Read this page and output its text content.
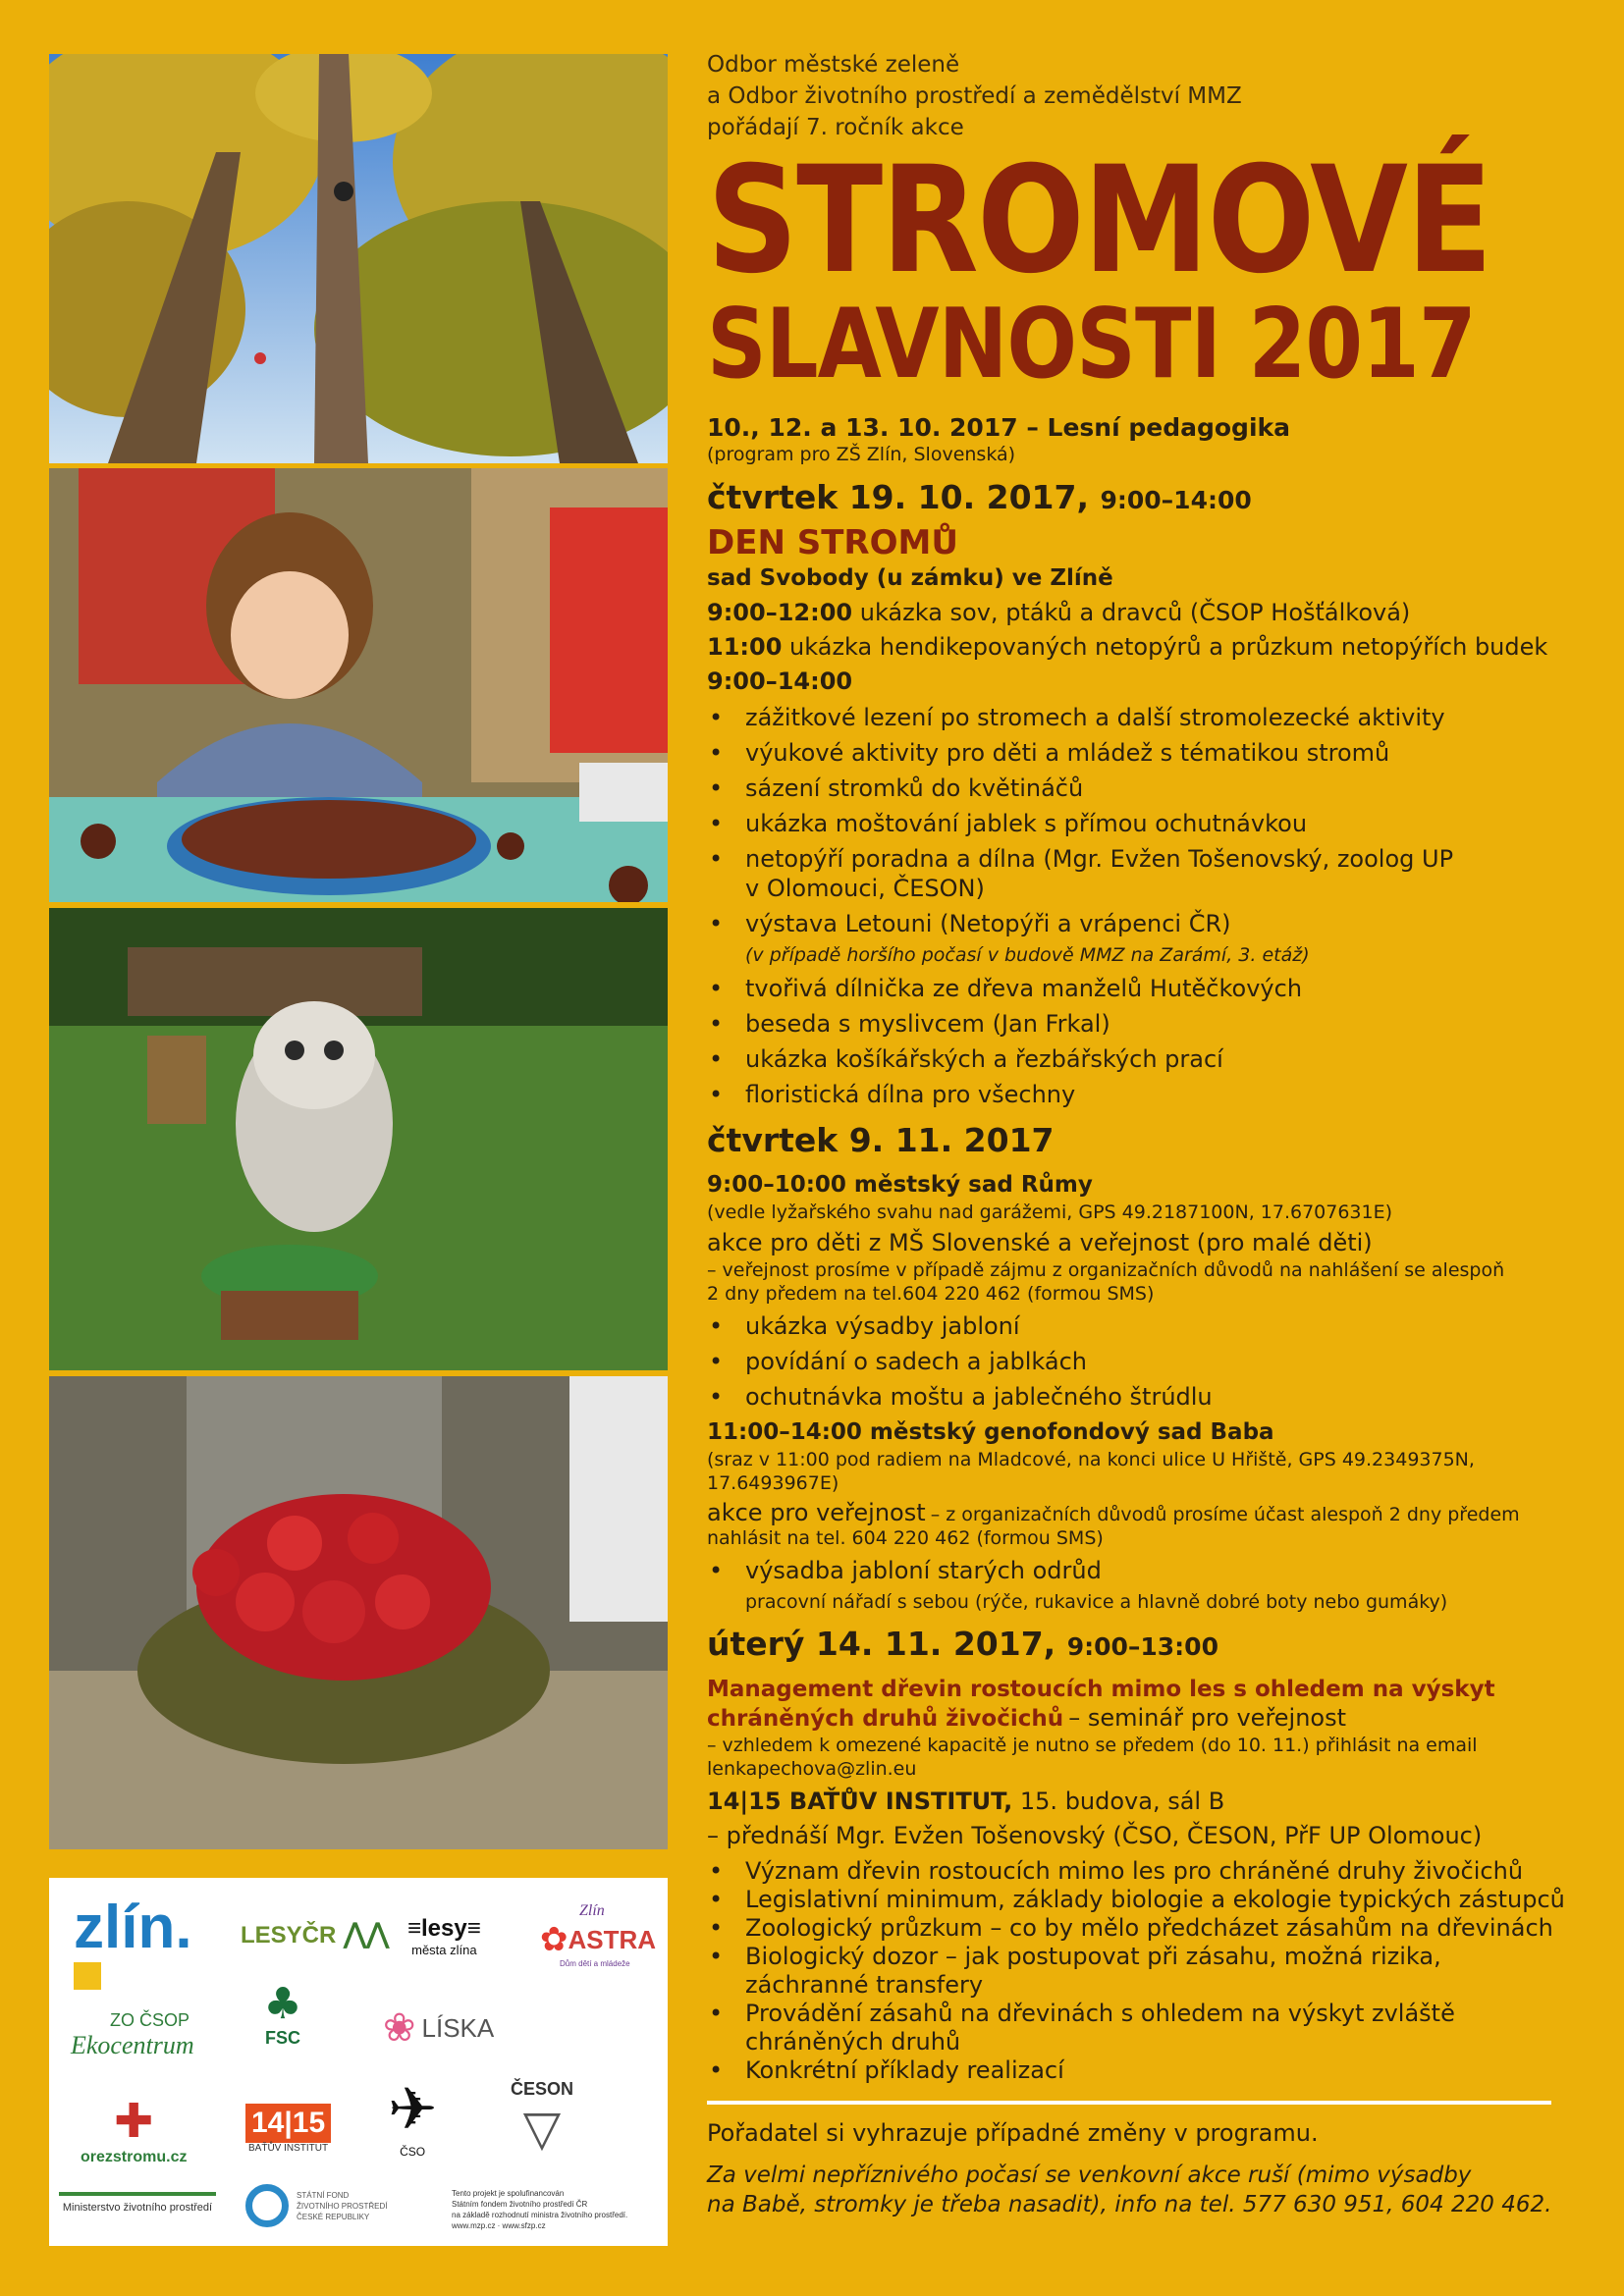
zlín. LESYČR ⋀⋀ ≡lesy≡
města zlína
Zlín
✿ ASTRA
Dům dětí a mládeže
ZO ČSOP
Ekocentrum
♣
FSC	❀ LÍSKA
✚
orezstromu.cz
14|15
BAŤŮV INSTITUT
✈
ČSO
ČESON
▽
Ministerstvo životního prostředí
STÁTNÍ FOND
ŽIVOTNÍHO PROSTŘEDÍ
ČESKÉ REPUBLIKY
Tento projekt je spolufinancován
Státním fondem životního prostředí ČR
na základě rozhodnutí ministra životního prostředí.
www.mzp.cz · www.sfzp.cz
Odbor městské zeleně
a Odbor životního prostředí a zemědělství MMZ
pořádají 7. ročník akce
STROMOVÉ
SLAVNOSTI 2017
10., 12. a 13. 10. 2017 – Lesní pedagogika
(program pro ZŠ Zlín, Slovenská)
čtvrtek 19. 10. 2017, 9:00–14:00
DEN STROMŮ
sad Svobody (u zámku) ve Zlíně
9:00–12:00 ukázka sov, ptáků a dravců (ČSOP Hošťálková)
11:00 ukázka hendikepovaných netopýrů a průzkum netopýřích budek
9:00–14:00
• zážitkové lezení po stromech a další stromolezecké aktivity
• výukové aktivity pro děti a mládež s tématikou stromů
• sázení stromků do květináčů
• ukázka moštování jablek s přímou ochutnávkou
• netopýří poradna a dílna (Mgr. Evžen Tošenovský, zoolog UP
v Olomouci, ČESON)
• výstava Letouni (Netopýři a vrápenci ČR)
(v případě horšího počasí v budově MMZ na Zarámí, 3. etáž)
• tvořivá dílnička ze dřeva manželů Hutěčkových
• beseda s myslivcem (Jan Frkal)
• ukázka košíkářských a řezbářských prací
• floristická dílna pro všechny
čtvrtek 9. 11. 2017
9:00–10:00 městský sad Růmy
(vedle lyžařského svahu nad garážemi, GPS 49.2187100N, 17.6707631E)
akce pro děti z MŠ Slovenské a veřejnost (pro malé děti)
– veřejnost prosíme v případě zájmu z organizačních důvodů na nahlášení se alespoň
2 dny předem na tel.604 220 462 (formou SMS)
• ukázka výsadby jabloní
• povídání o sadech a jablkách
• ochutnávka moštu a jablečného štrúdlu
11:00–14:00 městský genofondový sad Baba
(sraz v 11:00 pod radiem na Mladcové, na konci ulice U Hřiště, GPS 49.2349375N,
17.6493967E)
akce pro veřejnost – z organizačních důvodů prosíme účast alespoň 2 dny předem
nahlásit na tel. 604 220 462 (formou SMS)
• výsadba jabloní starých odrůd
pracovní nářadí s sebou (rýče, rukavice a hlavně dobré boty nebo gumáky)
úterý 14. 11. 2017, 9:00–13:00
Management dřevin rostoucích mimo les s ohledem na výskyt
chráněných druhů živočichů – seminář pro veřejnost
– vzhledem k omezené kapacitě je nutno se předem (do 10. 11.) přihlásit na email
lenkapechova@zlin.eu
14|15 BAŤŮV INSTITUT, 15. budova, sál B
– přednáší Mgr. Evžen Tošenovský (ČSO, ČESON, PřF UP Olomouc)
• Význam dřevin rostoucích mimo les pro chráněné druhy živočichů
• Legislativní minimum, základy biologie a ekologie typických zástupců
• Zoologický průzkum – co by mělo předcházet zásahům na dřevinách
• Biologický dozor – jak postupovat při zásahu, možná rizika,
záchranné transfery
• Provádění zásahů na dřevinách s ohledem na výskyt zvláště
chráněných druhů
• Konkrétní příklady realizací
Pořadatel si vyhrazuje případné změny v programu.
Za velmi nepříznivého počasí se venkovní akce ruší (mimo výsadby
na Babě, stromky je třeba nasadit), info na tel. 577 630 951, 604 220 462.
